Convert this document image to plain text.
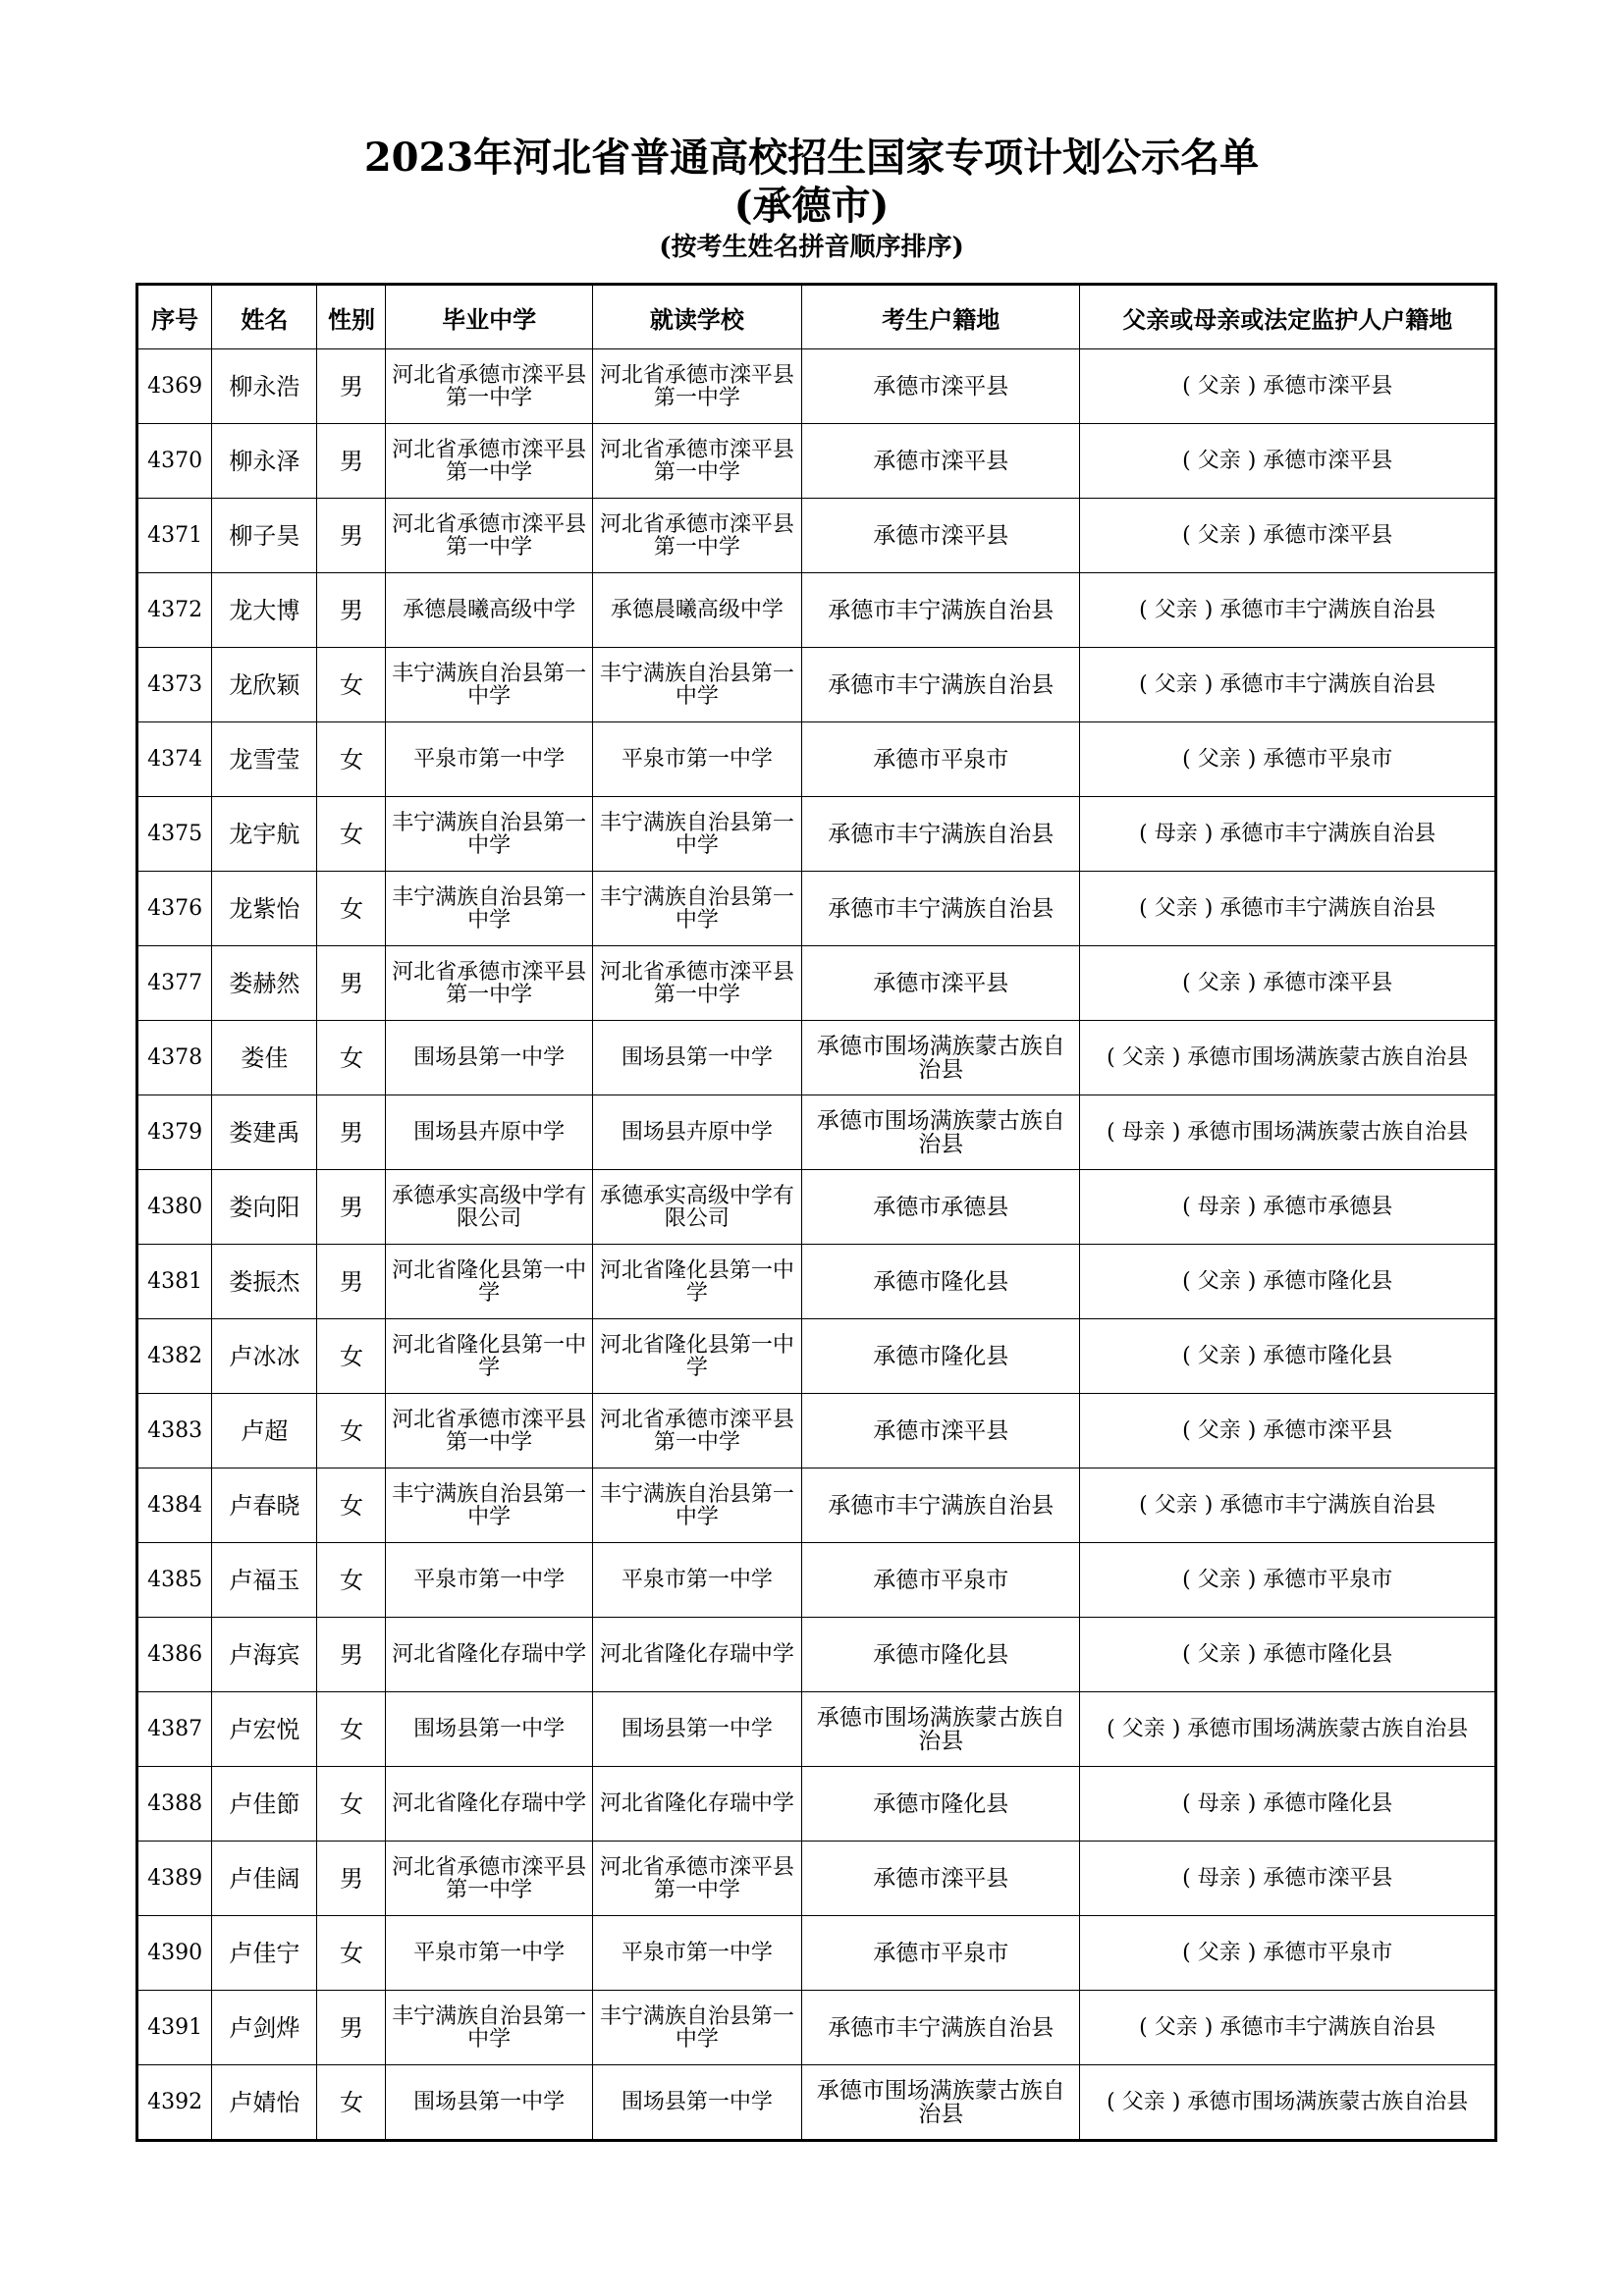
2023年河北省普通高校招生国家专项计划公示名单
(承德市)
(按考生姓名拼音顺序排序)
序号	姓名	性别	毕业中学	就读学校	考生户籍地	父亲或母亲或法定监护人户籍地
4369	柳永浩	男	河北省承德市滦平县第一中学	河北省承德市滦平县第一中学	承德市滦平县	( 父亲 ) 承德市滦平县
4370	柳永泽	男	河北省承德市滦平县第一中学	河北省承德市滦平县第一中学	承德市滦平县	( 父亲 ) 承德市滦平县
4371	柳子昊	男	河北省承德市滦平县第一中学	河北省承德市滦平县第一中学	承德市滦平县	( 父亲 ) 承德市滦平县
4372	龙大博	男	承德晨曦高级中学	承德晨曦高级中学	承德市丰宁满族自治县	( 父亲 ) 承德市丰宁满族自治县
4373	龙欣颖	女	丰宁满族自治县第一中学	丰宁满族自治县第一中学	承德市丰宁满族自治县	( 父亲 ) 承德市丰宁满族自治县
4374	龙雪莹	女	平泉市第一中学	平泉市第一中学	承德市平泉市	( 父亲 ) 承德市平泉市
4375	龙宇航	女	丰宁满族自治县第一中学	丰宁满族自治县第一中学	承德市丰宁满族自治县	( 母亲 ) 承德市丰宁满族自治县
4376	龙紫怡	女	丰宁满族自治县第一中学	丰宁满族自治县第一中学	承德市丰宁满族自治县	( 父亲 ) 承德市丰宁满族自治县
4377	娄赫然	男	河北省承德市滦平县第一中学	河北省承德市滦平县第一中学	承德市滦平县	( 父亲 ) 承德市滦平县
4378	娄佳	女	围场县第一中学	围场县第一中学	承德市围场满族蒙古族自治县	( 父亲 ) 承德市围场满族蒙古族自治县
4379	娄建禹	男	围场县卉原中学	围场县卉原中学	承德市围场满族蒙古族自治县	( 母亲 ) 承德市围场满族蒙古族自治县
4380	娄向阳	男	承德承实高级中学有限公司	承德承实高级中学有限公司	承德市承德县	( 母亲 ) 承德市承德县
4381	娄振杰	男	河北省隆化县第一中学	河北省隆化县第一中学	承德市隆化县	( 父亲 ) 承德市隆化县
4382	卢冰冰	女	河北省隆化县第一中学	河北省隆化县第一中学	承德市隆化县	( 父亲 ) 承德市隆化县
4383	卢超	女	河北省承德市滦平县第一中学	河北省承德市滦平县第一中学	承德市滦平县	( 父亲 ) 承德市滦平县
4384	卢春晓	女	丰宁满族自治县第一中学	丰宁满族自治县第一中学	承德市丰宁满族自治县	( 父亲 ) 承德市丰宁满族自治县
4385	卢福玉	女	平泉市第一中学	平泉市第一中学	承德市平泉市	( 父亲 ) 承德市平泉市
4386	卢海宾	男	河北省隆化存瑞中学	河北省隆化存瑞中学	承德市隆化县	( 父亲 ) 承德市隆化县
4387	卢宏悦	女	围场县第一中学	围场县第一中学	承德市围场满族蒙古族自治县	( 父亲 ) 承德市围场满族蒙古族自治县
4388	卢佳節	女	河北省隆化存瑞中学	河北省隆化存瑞中学	承德市隆化县	( 母亲 ) 承德市隆化县
4389	卢佳阔	男	河北省承德市滦平县第一中学	河北省承德市滦平县第一中学	承德市滦平县	( 母亲 ) 承德市滦平县
4390	卢佳宁	女	平泉市第一中学	平泉市第一中学	承德市平泉市	( 父亲 ) 承德市平泉市
4391	卢剑烨	男	丰宁满族自治县第一中学	丰宁满族自治县第一中学	承德市丰宁满族自治县	( 父亲 ) 承德市丰宁满族自治县
4392	卢婧怡	女	围场县第一中学	围场县第一中学	承德市围场满族蒙古族自治县	( 父亲 ) 承德市围场满族蒙古族自治县
